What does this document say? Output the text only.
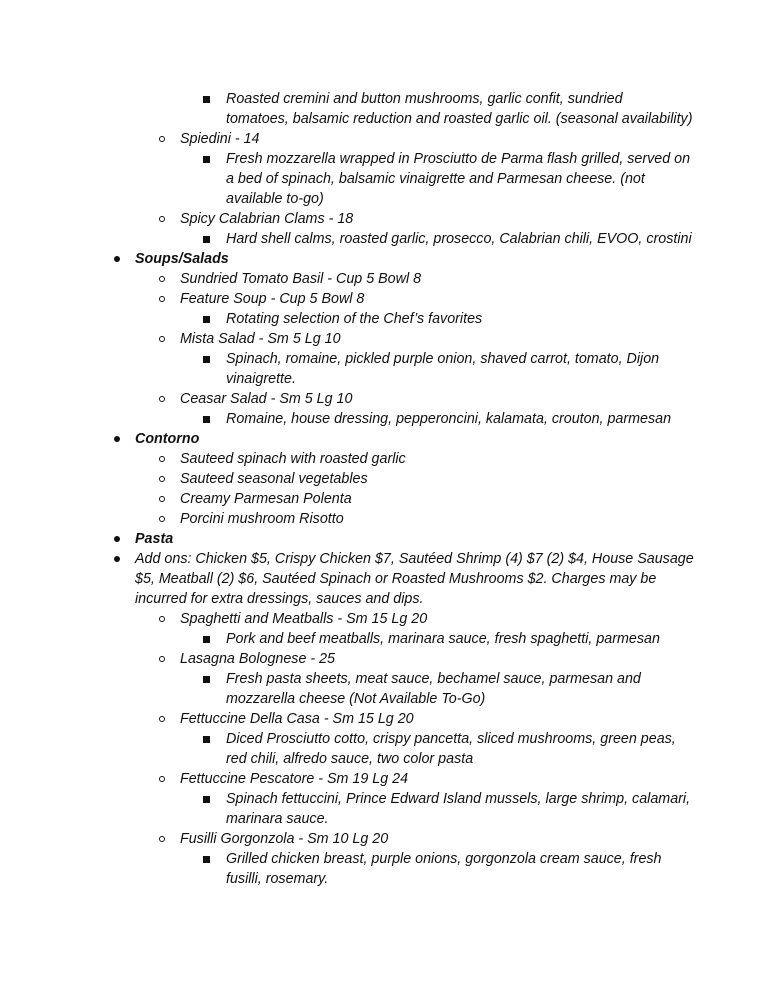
Roasted cremini and button mushrooms, garlic confit, sundried
tomatoes, balsamic reduction and roasted garlic oil. (seasonal availability)
Spiedini - 14
Fresh mozzarella wrapped in Prosciutto de Parma flash grilled, served on
a bed of spinach, balsamic vinaigrette and Parmesan cheese. (not
available to-go)
Spicy Calabrian Clams - 18
Hard shell calms, roasted garlic, prosecco, Calabrian chili, EVOO, crostini
Soups/Salads
Sundried Tomato Basil - Cup 5 Bowl 8
Feature Soup - Cup 5 Bowl 8
Rotating selection of the Chef’s favorites
Mista Salad - Sm 5 Lg 10
Spinach, romaine, pickled purple onion, shaved carrot, tomato, Dijon
vinaigrette.
Ceasar Salad - Sm 5 Lg 10
Romaine, house dressing, pepperoncini, kalamata, crouton, parmesan
Contorno
Sauteed spinach with roasted garlic
Sauteed seasonal vegetables
Creamy Parmesan Polenta
Porcini mushroom Risotto
Pasta
Add ons: Chicken $5, Crispy Chicken $7, Sautéed Shrimp (4) $7 (2) $4, House Sausage
$5, Meatball (2) $6, Sautéed Spinach or Roasted Mushrooms $2. Charges may be
incurred for extra dressings, sauces and dips.
Spaghetti and Meatballs - Sm 15 Lg 20
Pork and beef meatballs, marinara sauce, fresh spaghetti, parmesan
Lasagna Bolognese - 25
Fresh pasta sheets, meat sauce, bechamel sauce, parmesan and
mozzarella cheese (Not Available To-Go)
Fettuccine Della Casa - Sm 15 Lg 20
Diced Prosciutto cotto, crispy pancetta, sliced mushrooms, green peas,
red chili, alfredo sauce, two color pasta
Fettuccine Pescatore - Sm 19 Lg 24
Spinach fettuccini, Prince Edward Island mussels, large shrimp, calamari,
marinara sauce.
Fusilli Gorgonzola - Sm 10 Lg 20
Grilled chicken breast, purple onions, gorgonzola cream sauce, fresh
fusilli, rosemary.
